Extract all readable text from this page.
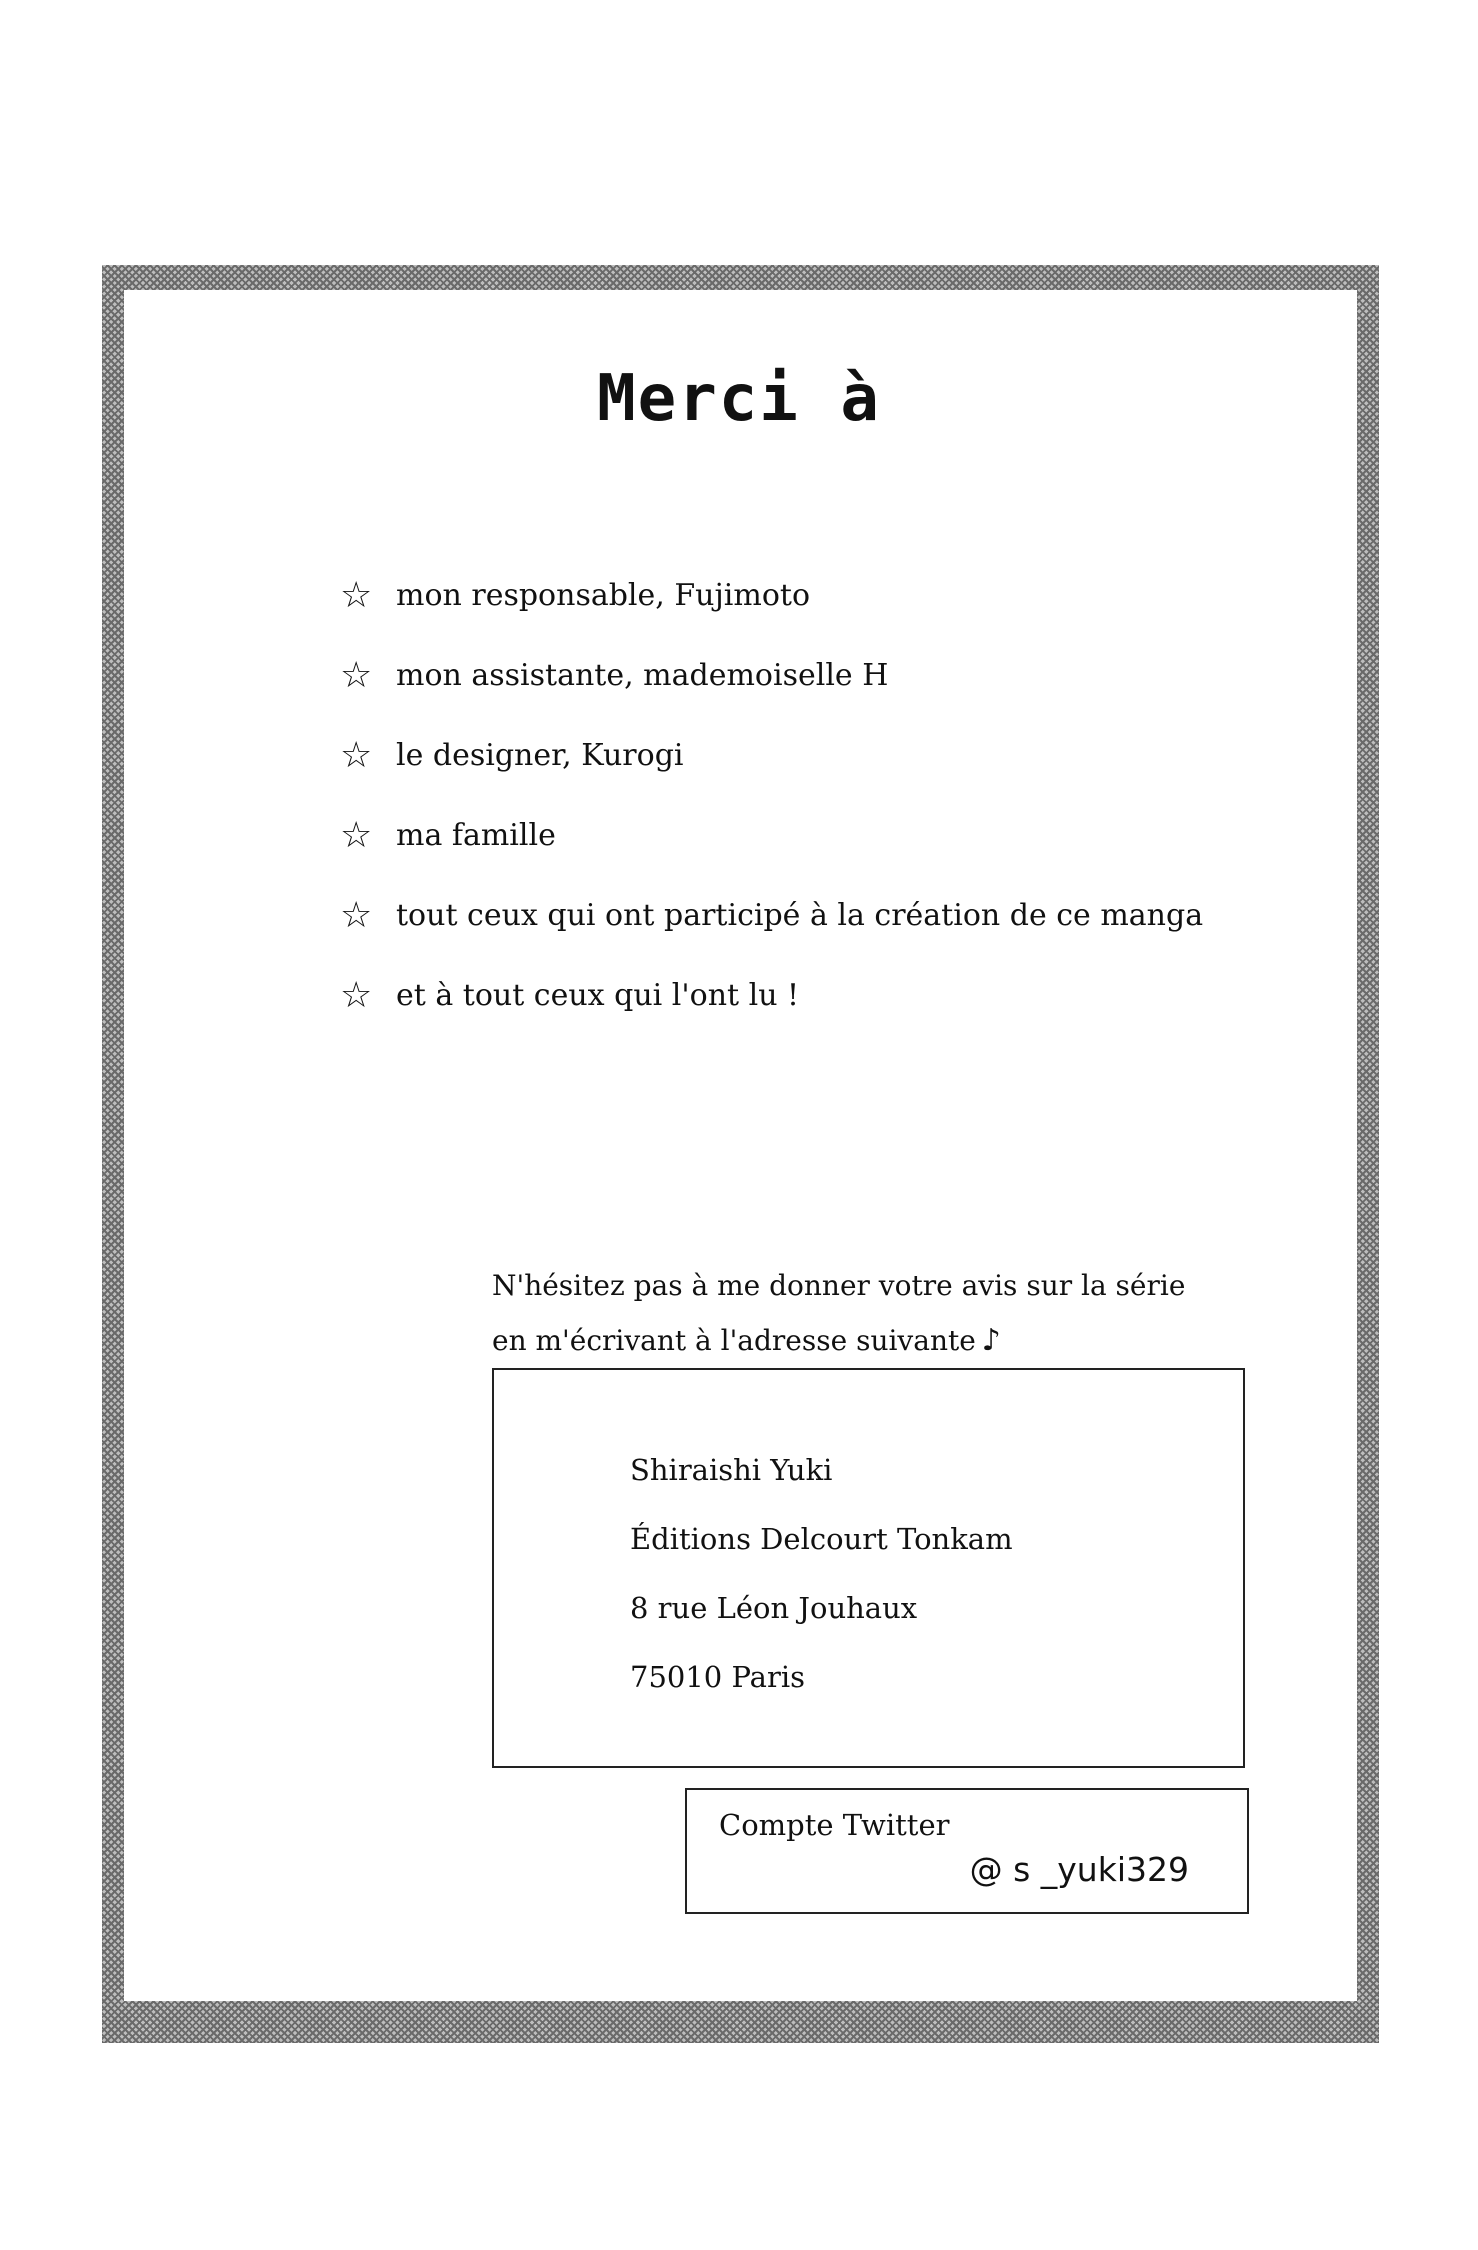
Merci à
☆ mon responsable, Fujimoto
☆ mon assistante, mademoiselle H
☆ le designer, Kurogi
☆ ma famille
☆ tout ceux qui ont participé à la création de ce manga
☆ et à tout ceux qui l'ont lu !
N'hésitez pas à me donner votre avis sur la série
en m'écrivant à l'adresse suivante ♪
Shiraishi Yuki
Éditions Delcourt Tonkam
8 rue Léon Jouhaux
75010 Paris
Compte Twitter
@ s _yuki329
